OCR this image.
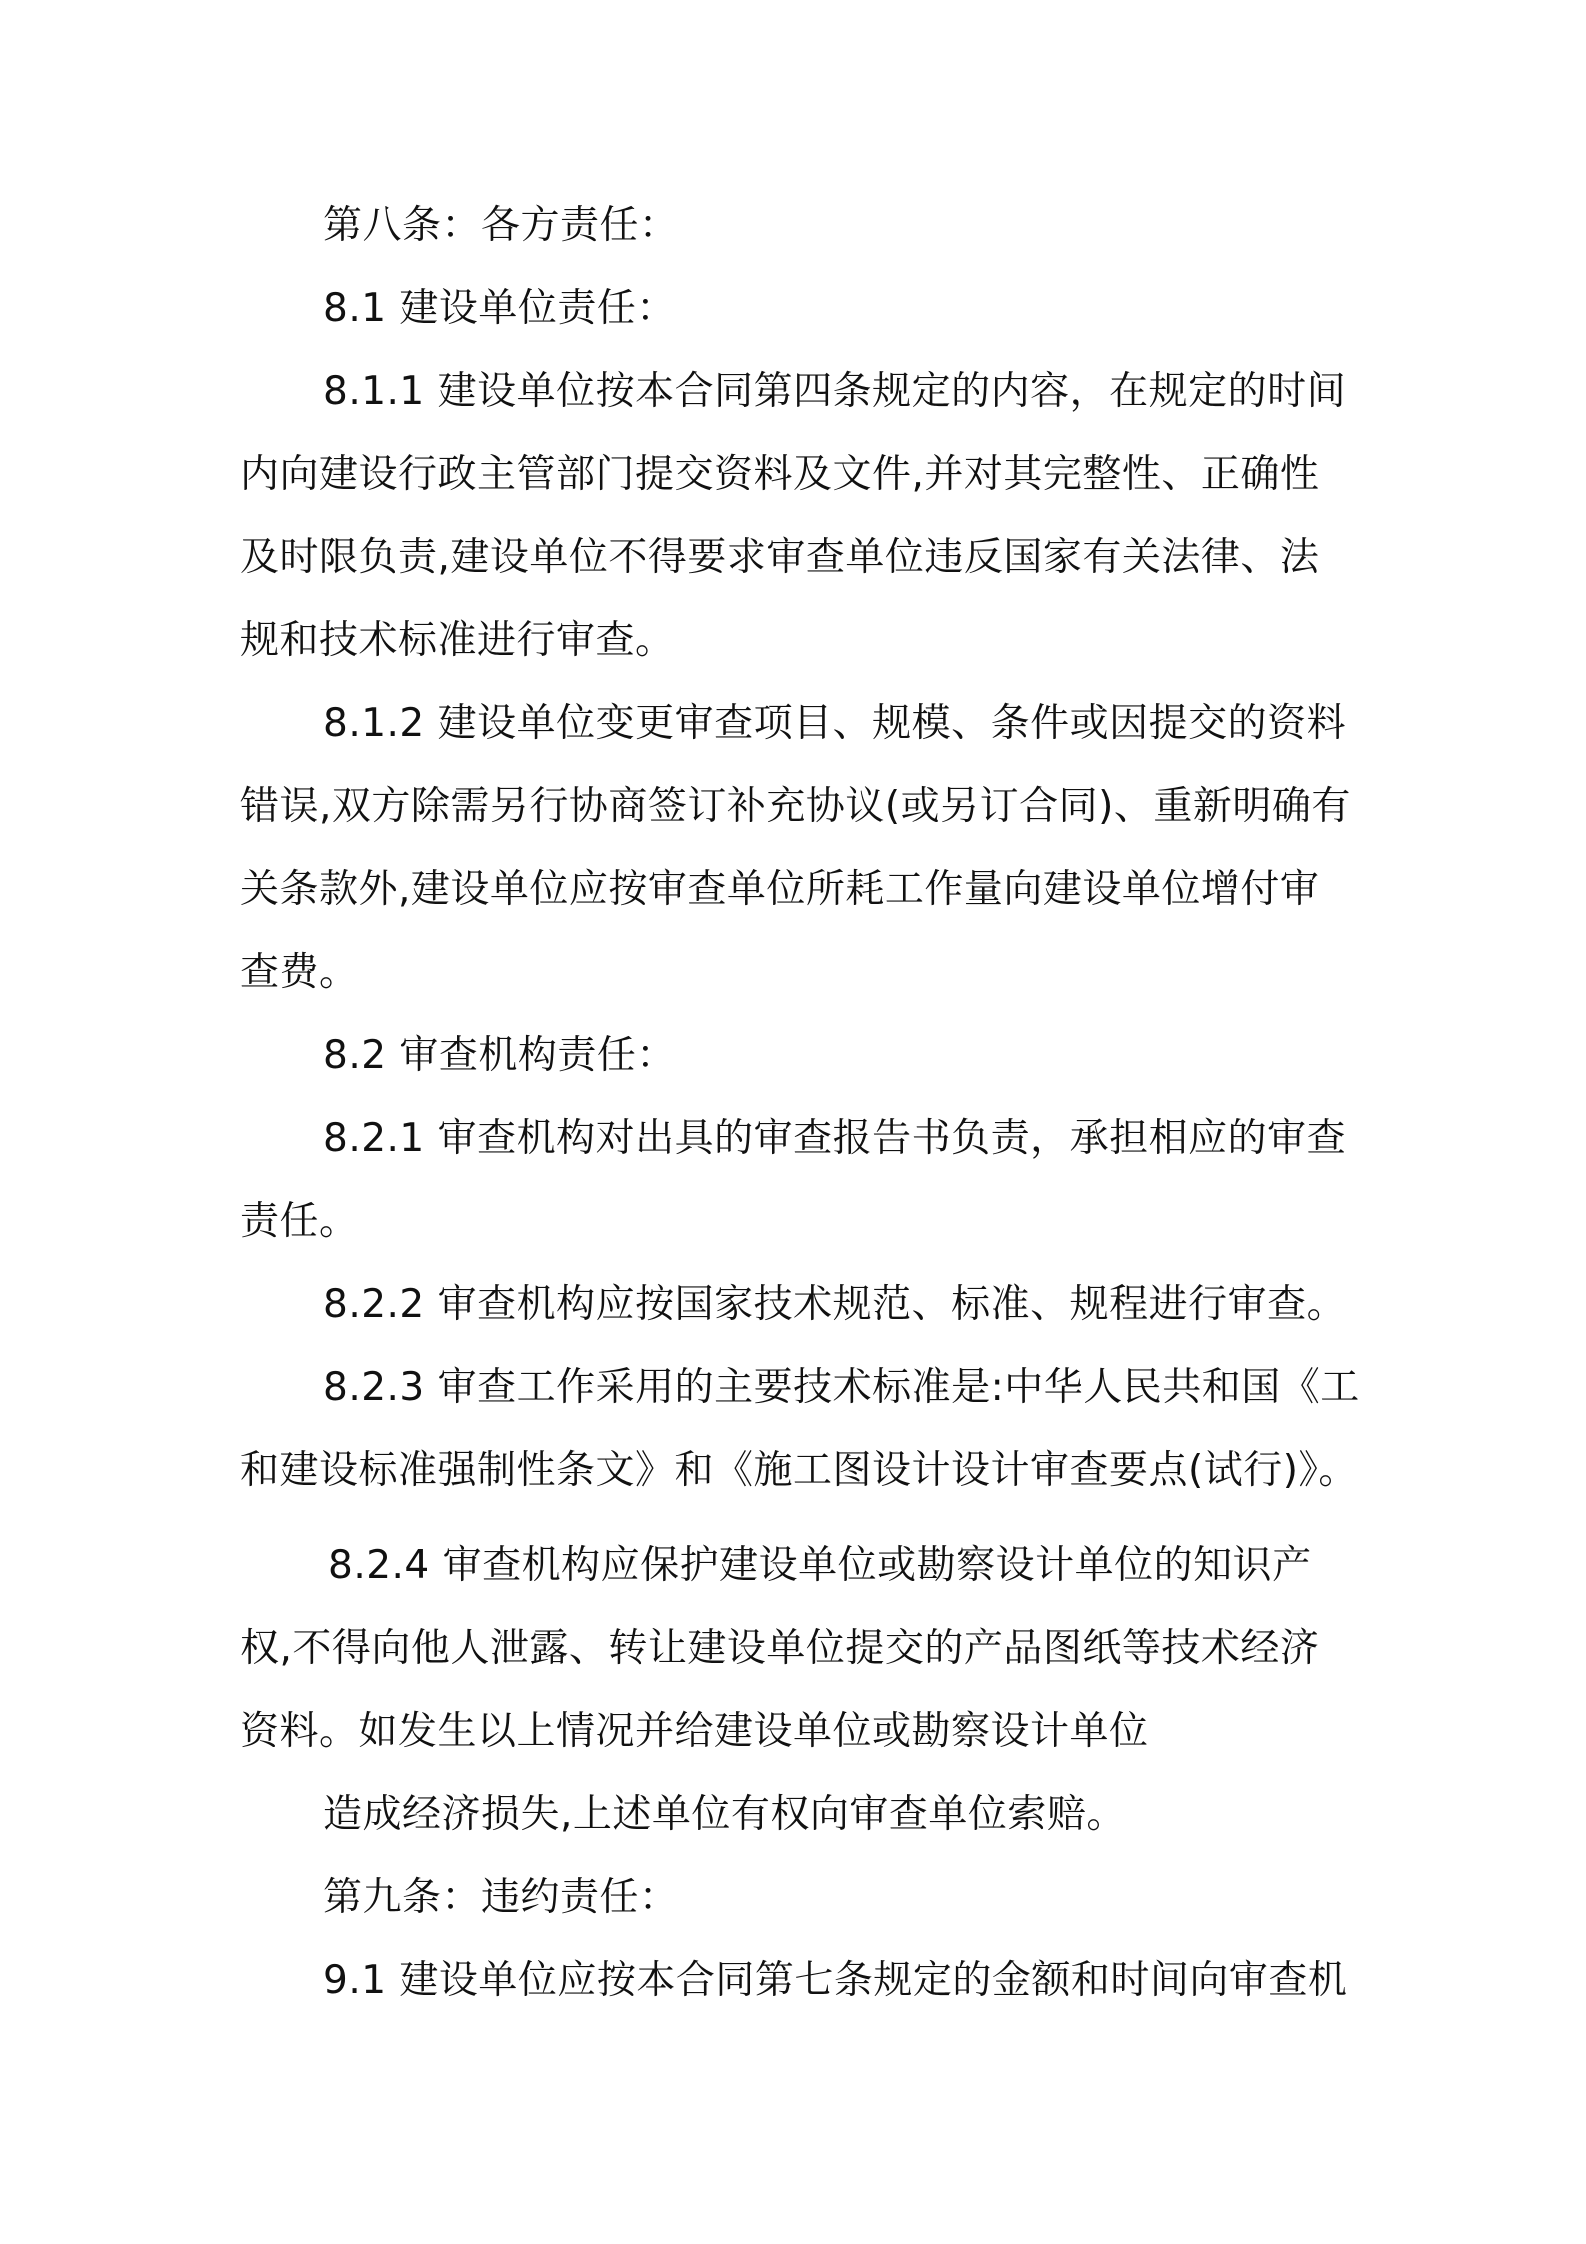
第八条：各方责任：
8.1 建设单位责任：
8.1.1 建设单位按本合同第四条规定的内容，在规定的时间
内向建设行政主管部门提交资料及文件,并对其完整性、正确性
及时限负责,建设单位不得要求审查单位违反国家有关法律、法
规和技术标准进行审查。
8.1.2 建设单位变更审查项目、规模、条件或因提交的资料
错误,双方除需另行协商签订补充协议(或另订合同)、重新明确有
关条款外,建设单位应按审查单位所耗工作量向建设单位增付审
查费。
8.2 审查机构责任：
8.2.1 审查机构对出具的审查报告书负责，承担相应的审查
责任。
8.2.2 审查机构应按国家技术规范、标准、规程进行审查。
8.2.3 审查工作采用的主要技术标准是:中华人民共和国《工
和建设标准强制性条文》和《施工图设计设计审查要点(试行)》。
8.2.4 审查机构应保护建设单位或勘察设计单位的知识产
权,不得向他人泄露、转让建设单位提交的产品图纸等技术经济
资料。如发生以上情况并给建设单位或勘察设计单位
造成经济损失,上述单位有权向审查单位索赔。
第九条：违约责任：
9.1 建设单位应按本合同第七条规定的金额和时间向审查机
